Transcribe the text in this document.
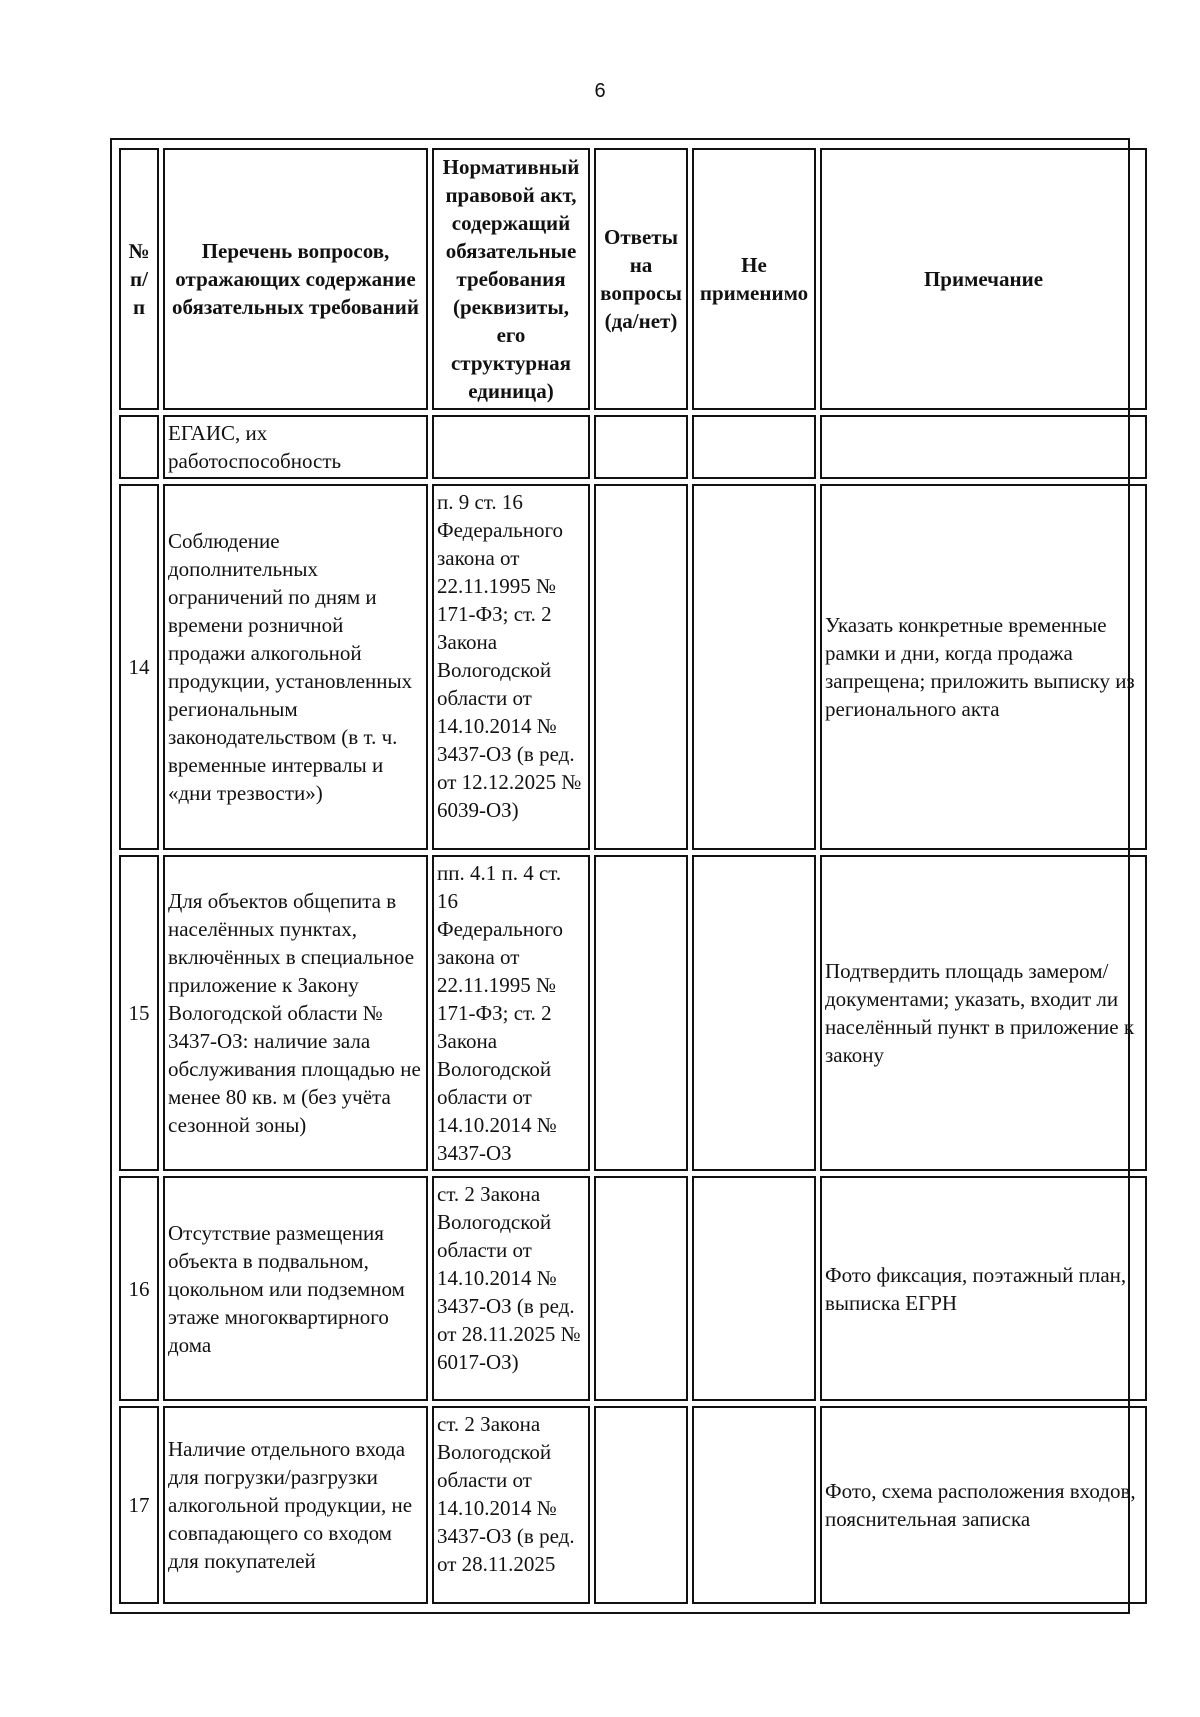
6
№ п/п	Перечень вопросов, отражающих содержание обязательных требований	Нормативный правовой акт, содержащий обязательные требования (реквизиты, его структурная единица)	Ответы на вопросы (да/нет)	Не применимо	Примечание
	ЕГАИС, их работоспособность				
14	Соблюдение дополнительных ограничений по дням и времени розничной продажи алкогольной продукции, установленных региональным законодательством (в т. ч. временные интервалы и «дни трезвости»)	п. 9 ст. 16 Федерального закона от 22.11.1995 № 171-ФЗ; ст. 2 Закона Вологодской области от 14.10.2014 № 3437-ОЗ (в ред. от 12.12.2025 № 6039-ОЗ)			Указать конкретные временные рамки и дни, когда продажа запрещена; приложить выписку из регионального акта
15	Для объектов общепита в населённых пунктах, включённых в специальное приложение к Закону Вологодской области № 3437-ОЗ: наличие зала обслуживания площадью не менее 80 кв. м (без учёта сезонной зоны)	пп. 4.1 п. 4 ст. 16 Федерального закона от 22.11.1995 № 171-ФЗ; ст. 2 Закона Вологодской области от 14.10.2014 № 3437-ОЗ			Подтвердить площадь замером/документами; указать, входит ли населённый пункт в приложение к закону
16	Отсутствие размещения объекта в подвальном, цокольном или подземном этаже многоквартирного дома	ст. 2 Закона Вологодской области от 14.10.2014 № 3437-ОЗ (в ред. от 28.11.2025 № 6017-ОЗ)			Фото фиксация, поэтажный план, выписка ЕГРН
17	Наличие отдельного входа для погрузки/разгрузки алкогольной продукции, не совпадающего со входом для покупателей	ст. 2 Закона Вологодской области от 14.10.2014 № 3437-ОЗ (в ред. от 28.11.2025			Фото, схема расположения входов, пояснительная записка
